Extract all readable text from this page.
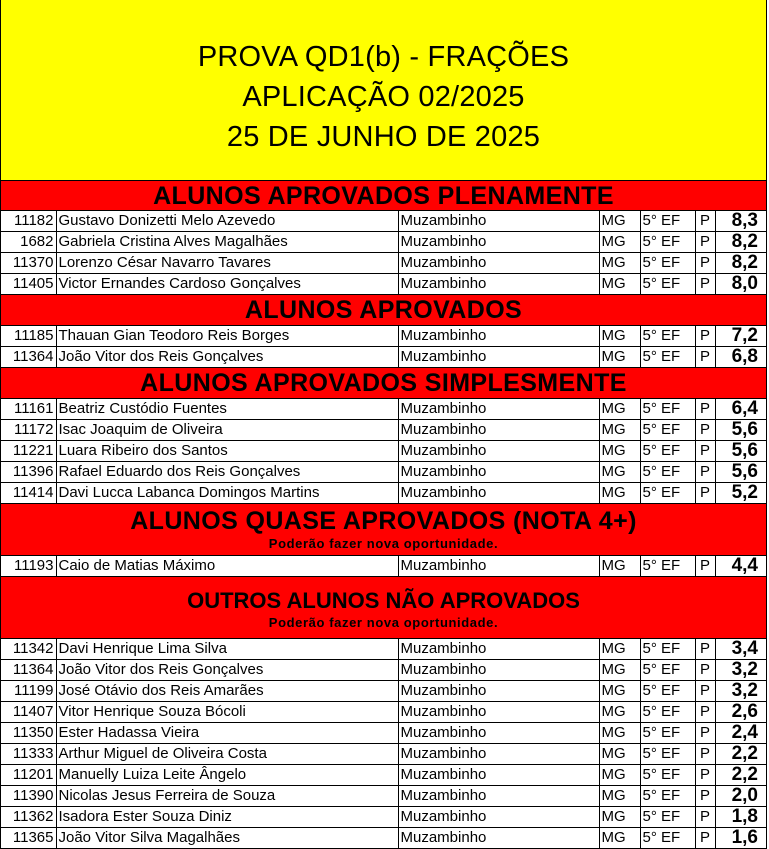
PROVA QD1(b) - FRAÇÕES
APLICAÇÃO 02/2025
25 DE JUNHO DE 2025
ALUNOS APROVADOS PLENAMENTE
11182	Gustavo Donizetti Melo Azevedo	Muzambinho	MG	5° EF	P	8,3
1682	Gabriela Cristina Alves Magalhães	Muzambinho	MG	5° EF	P	8,2
11370	Lorenzo César Navarro Tavares	Muzambinho	MG	5° EF	P	8,2
11405	Victor Ernandes Cardoso Gonçalves	Muzambinho	MG	5° EF	P	8,0
ALUNOS APROVADOS
11185	Thauan Gian Teodoro Reis Borges	Muzambinho	MG	5° EF	P	7,2
11364	João Vitor dos Reis Gonçalves	Muzambinho	MG	5° EF	P	6,8
ALUNOS APROVADOS SIMPLESMENTE
11161	Beatriz Custódio Fuentes	Muzambinho	MG	5° EF	P	6,4
11172	Isac Joaquim de Oliveira	Muzambinho	MG	5° EF	P	5,6
11221	Luara Ribeiro dos Santos	Muzambinho	MG	5° EF	P	5,6
11396	Rafael Eduardo dos Reis Gonçalves	Muzambinho	MG	5° EF	P	5,6
11414	Davi Lucca Labanca Domingos Martins	Muzambinho	MG	5° EF	P	5,2
ALUNOS QUASE APROVADOS (NOTA 4+)
Poderão fazer nova oportunidade.
11193	Caio de Matias Máximo	Muzambinho	MG	5° EF	P	4,4
OUTROS ALUNOS NÃO APROVADOS
Poderão fazer nova oportunidade.
11342	Davi Henrique Lima Silva	Muzambinho	MG	5° EF	P	3,4
11364	João Vitor dos Reis Gonçalves	Muzambinho	MG	5° EF	P	3,2
11199	José Otávio dos Reis Amarães	Muzambinho	MG	5° EF	P	3,2
11407	Vitor Henrique Souza Bócoli	Muzambinho	MG	5° EF	P	2,6
11350	Ester Hadassa Vieira	Muzambinho	MG	5° EF	P	2,4
11333	Arthur Miguel de Oliveira Costa	Muzambinho	MG	5° EF	P	2,2
11201	Manuelly Luiza Leite Ângelo	Muzambinho	MG	5° EF	P	2,2
11390	Nicolas Jesus Ferreira de Souza	Muzambinho	MG	5° EF	P	2,0
11362	Isadora Ester Souza Diniz	Muzambinho	MG	5° EF	P	1,8
11365	João Vitor Silva Magalhães	Muzambinho	MG	5° EF	P	1,6
